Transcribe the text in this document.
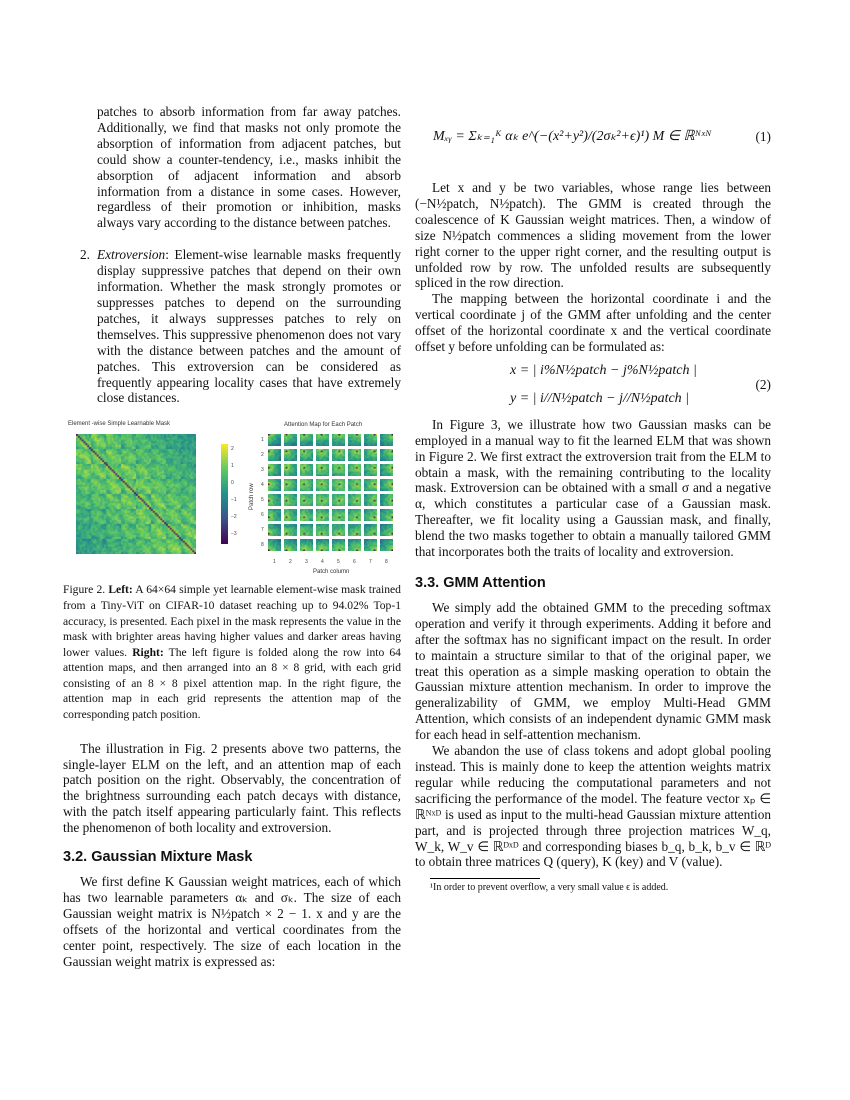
patches to absorb information from far away patches. Additionally, we find that masks not only promote the absorption of information from adjacent patches, but could show a counter-tendency, i.e., masks inhibit the absorption of adjacent information and absorb information from a distance in some cases. However, regardless of their promotion or inhibition, masks always vary according to the distance between patches.

2. Extroversion: Element-wise learnable masks frequently display suppressive patches that depend on their own information. Whether the mask strongly promotes or suppresses patches to depend on the surrounding patches, it always suppresses patches to rely on themselves. This suppressive phenomenon does not vary with the distance between patches and the amount of patches. This extroversion can be considered as frequently appearing locality cases that have extremely close distances.

Element -wise Simple Learnable Mask	Attention Map for Each Patch
Patch row
Patch column
2
1
0
−1
−2
−3
1
2
3
4
5
6
7
8
1	2	3	4	5	6	7	8

Figure 2. Left: A 64×64 simple yet learnable element-wise mask trained from a Tiny-ViT on CIFAR-10 dataset reaching up to 94.02% Top-1 accuracy, is presented. Each pixel in the mask represents the value in the mask with brighter areas having higher values and darker areas having lower values. Right: The left figure is folded along the row into 64 attention maps, and then arranged into an 8 × 8 grid, with each grid consisting of an 8 × 8 pixel attention map. In the right figure, the attention map in each grid represents the attention map of the corresponding patch position.

The illustration in Fig. 2 presents above two patterns, the single-layer ELM on the left, and an attention map of each patch position on the right. Observably, the concentration of the brightness surrounding each patch decays with distance, with the patch itself appearing particularly faint. This reflects the phenomenon of both locality and extroversion.

3.2. Gaussian Mixture Mask

We first define K Gaussian weight matrices, each of which has two learnable parameters αₖ and σₖ. The size of each Gaussian weight matrix is N½patch × 2 − 1. x and y are the offsets of the horizontal and vertical coordinates from the center point, respectively. The size of each location in the Gaussian weight matrix is expressed as:

Mₓᵧ = Σₖ₌₁ᴷ αₖ e^(−(x²+y²)/(2σₖ²+ϵ)¹) M ∈ ℝᴺˣᴺ	(1)

Let x and y be two variables, whose range lies between (−N½patch, N½patch). The GMM is created through the coalescence of K Gaussian weight matrices. Then, a window of size N½patch commences a sliding movement from the lower right corner to the upper right corner, and the resulting output is unfolded row by row. The unfolded results are subsequently spliced in the row direction.

The mapping between the horizontal coordinate i and the vertical coordinate j of the GMM after unfolding and the center offset of the horizontal coordinate x and the vertical coordinate offset y before unfolding can be formulated as:

x = | i%N½patch − j%N½patch |
y = | i//N½patch − j//N½patch |
(2)

In Figure 3, we illustrate how two Gaussian masks can be employed in a manual way to fit the learned ELM that was shown in Figure 2. We first extract the extroversion trait from the ELM to obtain a mask, with the remaining contributing to the locality mask. Extroversion can be obtained with a small σ and a negative α, which constitutes a particular case of a Gaussian mask. Thereafter, we fit locality using a Gaussian mask, and finally, blend the two masks together to obtain a manually tailored GMM that incorporates both the traits of locality and extroversion.

3.3. GMM Attention

We simply add the obtained GMM to the preceding softmax operation and verify it through experiments. Adding it before and after the softmax has no significant impact on the result. In order to maintain a structure similar to that of the original paper, we treat this operation as a simple masking operation to obtain the Gaussian mixture attention mechanism. In order to improve the generalizability of GMM, we employ Multi-Head GMM Attention, which consists of an independent dynamic GMM mask for each head in self-attention mechanism.

We abandon the use of class tokens and adopt global pooling instead. This is mainly done to keep the attention weights matrix regular while reducing the computational parameters and not sacrificing the performance of the model. The feature vector xₚ ∈ ℝᴺˣᴰ is used as input to the multi-head Gaussian mixture attention part, and is projected through three projection matrices W_q, W_k, W_v ∈ ℝᴰˣᴰ and corresponding biases b_q, b_k, b_v ∈ ℝᴰ to obtain three matrices Q (query), K (key) and V (value).

¹In order to prevent overflow, a very small value ϵ is added.
